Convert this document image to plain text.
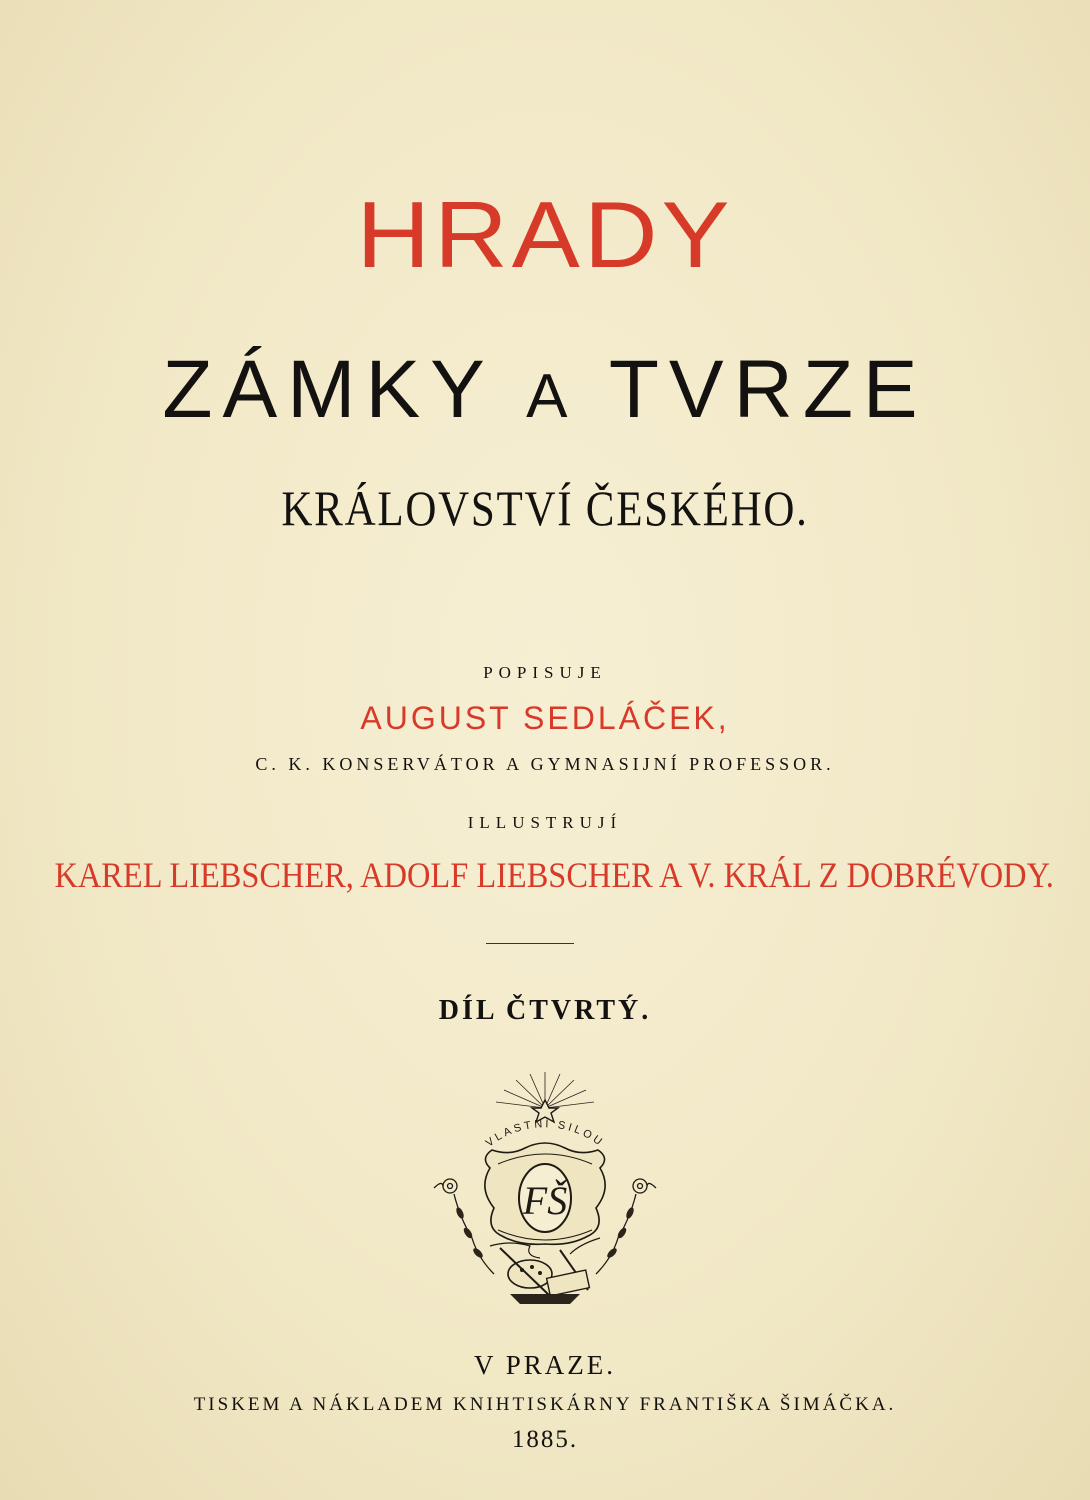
HRADY
ZÁMKY A TVRZE
KRÁLOVSTVÍ ČESKÉHO.
POPISUJE
AUGUST SEDLÁČEK,
C. K. KONSERVÁTOR A GYMNASIJNÍ PROFESSOR.
ILLUSTRUJÍ
KAREL LIEBSCHER, ADOLF LIEBSCHER A V. KRÁL Z DOBRÉVODY.
DÍL ČTVRTÝ.
VLASTNÍ SILOU
FŠ
V PRAZE.
TISKEM A NÁKLADEM KNIHTISKÁRNY FRANTIŠKA ŠIMÁČKA.
1885.
